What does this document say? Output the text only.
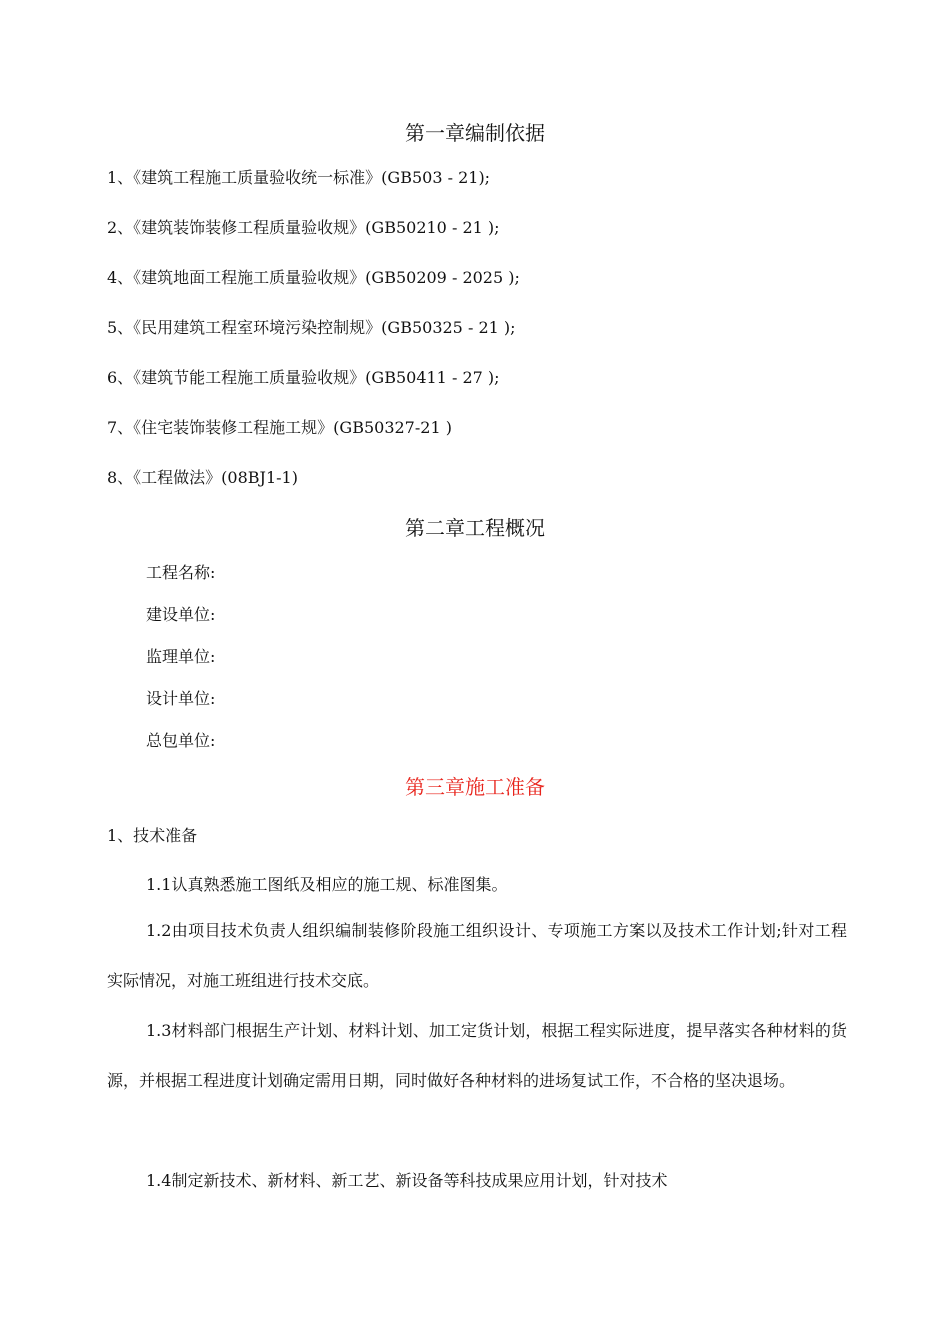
第一章编制依据
1、《建筑工程施工质量验收统一标准》(GB503 - 21);
2、《建筑装饰装修工程质量验收规》(GB50210 - 21 );
4、《建筑地面工程施工质量验收规》(GB50209 - 2025 );
5、《民用建筑工程室环境污染控制规》(GB50325 - 21 );
6、《建筑节能工程施工质量验收规》(GB50411 - 27 );
7、《住宅装饰装修工程施工规》(GB50327-21 )
8、《工程做法》(08BJ1-1)
第二章工程概况
工程名称:
建设单位:
监理单位:
设计单位:
总包单位:
第三章施工准备
1、技术准备
1.1认真熟悉施工图纸及相应的施工规、标准图集。
1.2由项目技术负责人组织编制装修阶段施工组织设计、专项施工方案以及技术工作计划;针对工程实际情况，对施工班组进行技术交底。
1.3材料部门根据生产计划、材料计划、加工定货计划，根据工程实际进度，提早落实各种材料的货源，并根据工程进度计划确定需用日期，同时做好各种材料的进场复试工作，不合格的坚决退场。
1.4制定新技术、新材料、新工艺、新设备等科技成果应用计划，针对技术
